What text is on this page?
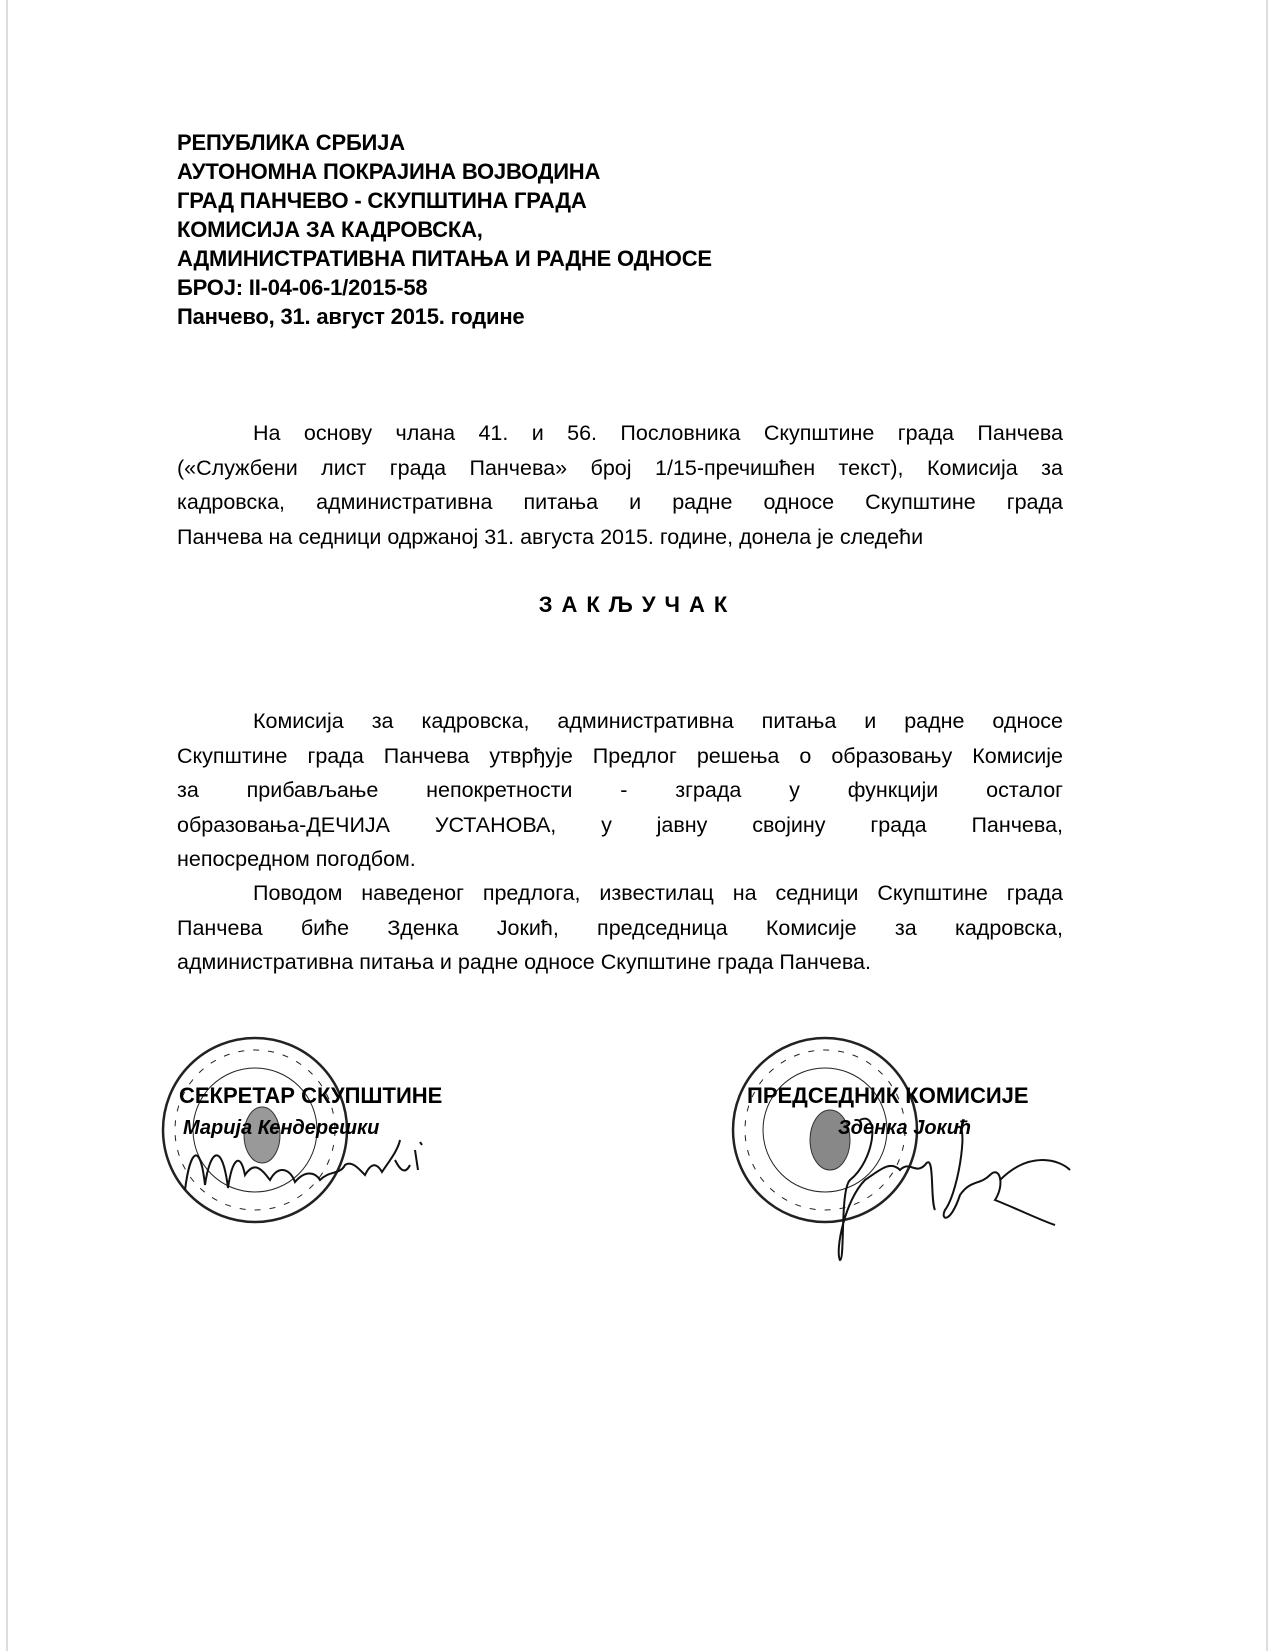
РЕПУБЛИКА СРБИЈА
АУТОНОМНА ПОКРАЈИНА ВОЈВОДИНА
ГРАД ПАНЧЕВО - СКУПШТИНА ГРАДА
КОМИСИЈА ЗА КАДРОВСКА,
АДМИНИСТРАТИВНА ПИТАЊА И РАДНЕ ОДНОСЕ
БРОЈ: II-04-06-1/2015-58
Панчево, 31. август 2015. године
На основу члана 41. и 56. Пословника Скупштине града Панчева
(«Службени лист града Панчева» број 1/15-пречишћен текст), Комисија за
кадровска, административна питања и радне односе Скупштине града
Панчева на седници одржаној 31. августа 2015. године, донела је следећи
ЗАКЉУЧАК
Комисија за кадровска, административна питања и радне односе
Скупштине града Панчева утврђује Предлог решења о образовању Комисије
за прибављање непокретности - зграда у функцији осталог
образовања-ДЕЧИЈА УСТАНОВА, у јавну својину града Панчева,
непосредном погодбом.
Поводом наведеног предлога, известилац на седници Скупштине града
Панчева биће Зденка Јокић, председница Комисије за кадровска,
административна питања и радне односе Скупштине града Панчева.
СЕКРЕТАР СКУПШТИНЕ
Марија Кендерешки
ПРЕДСЕДНИК КОМИСИЈЕ
Зденка Јокић
